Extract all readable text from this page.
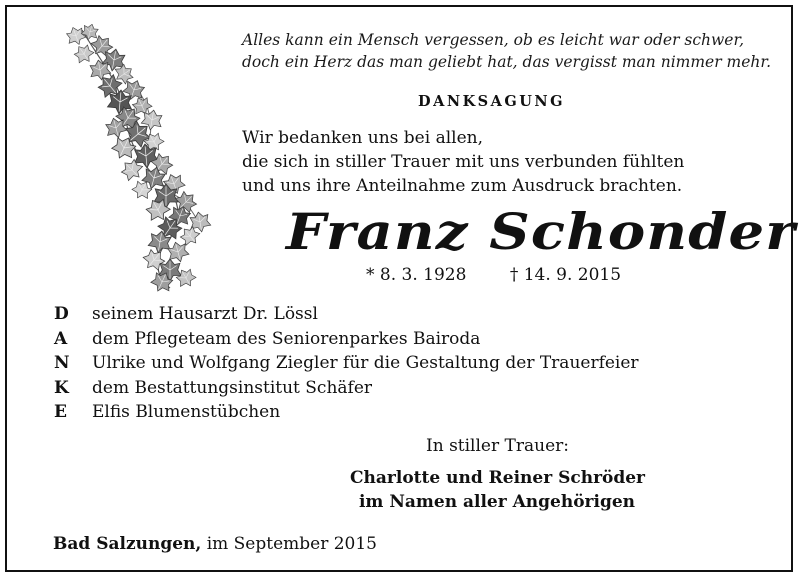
Alles kann ein Mensch vergessen, ob es leicht war oder schwer,
doch ein Herz das man geliebt hat, das vergisst man nimmer mehr.
DANKSAGUNG
Wir bedanken uns bei allen,
die sich in stiller Trauer mit uns verbunden fühlten
und uns ihre Anteilnahme zum Ausdruck brachten.
Franz Schonder
* 8. 3. 1928	† 14. 9. 2015
D	seinem Hausarzt Dr. Lössl
A	dem Pflegeteam des Seniorenparkes Bairoda
N	Ulrike und Wolfgang Ziegler für die Gestaltung der Trauerfeier
K	dem Bestattungsinstitut Schäfer
E	Elfis Blumenstübchen
In stiller Trauer:
Charlotte und Reiner Schröder
im Namen aller Angehörigen
Bad Salzungen, im September 2015
